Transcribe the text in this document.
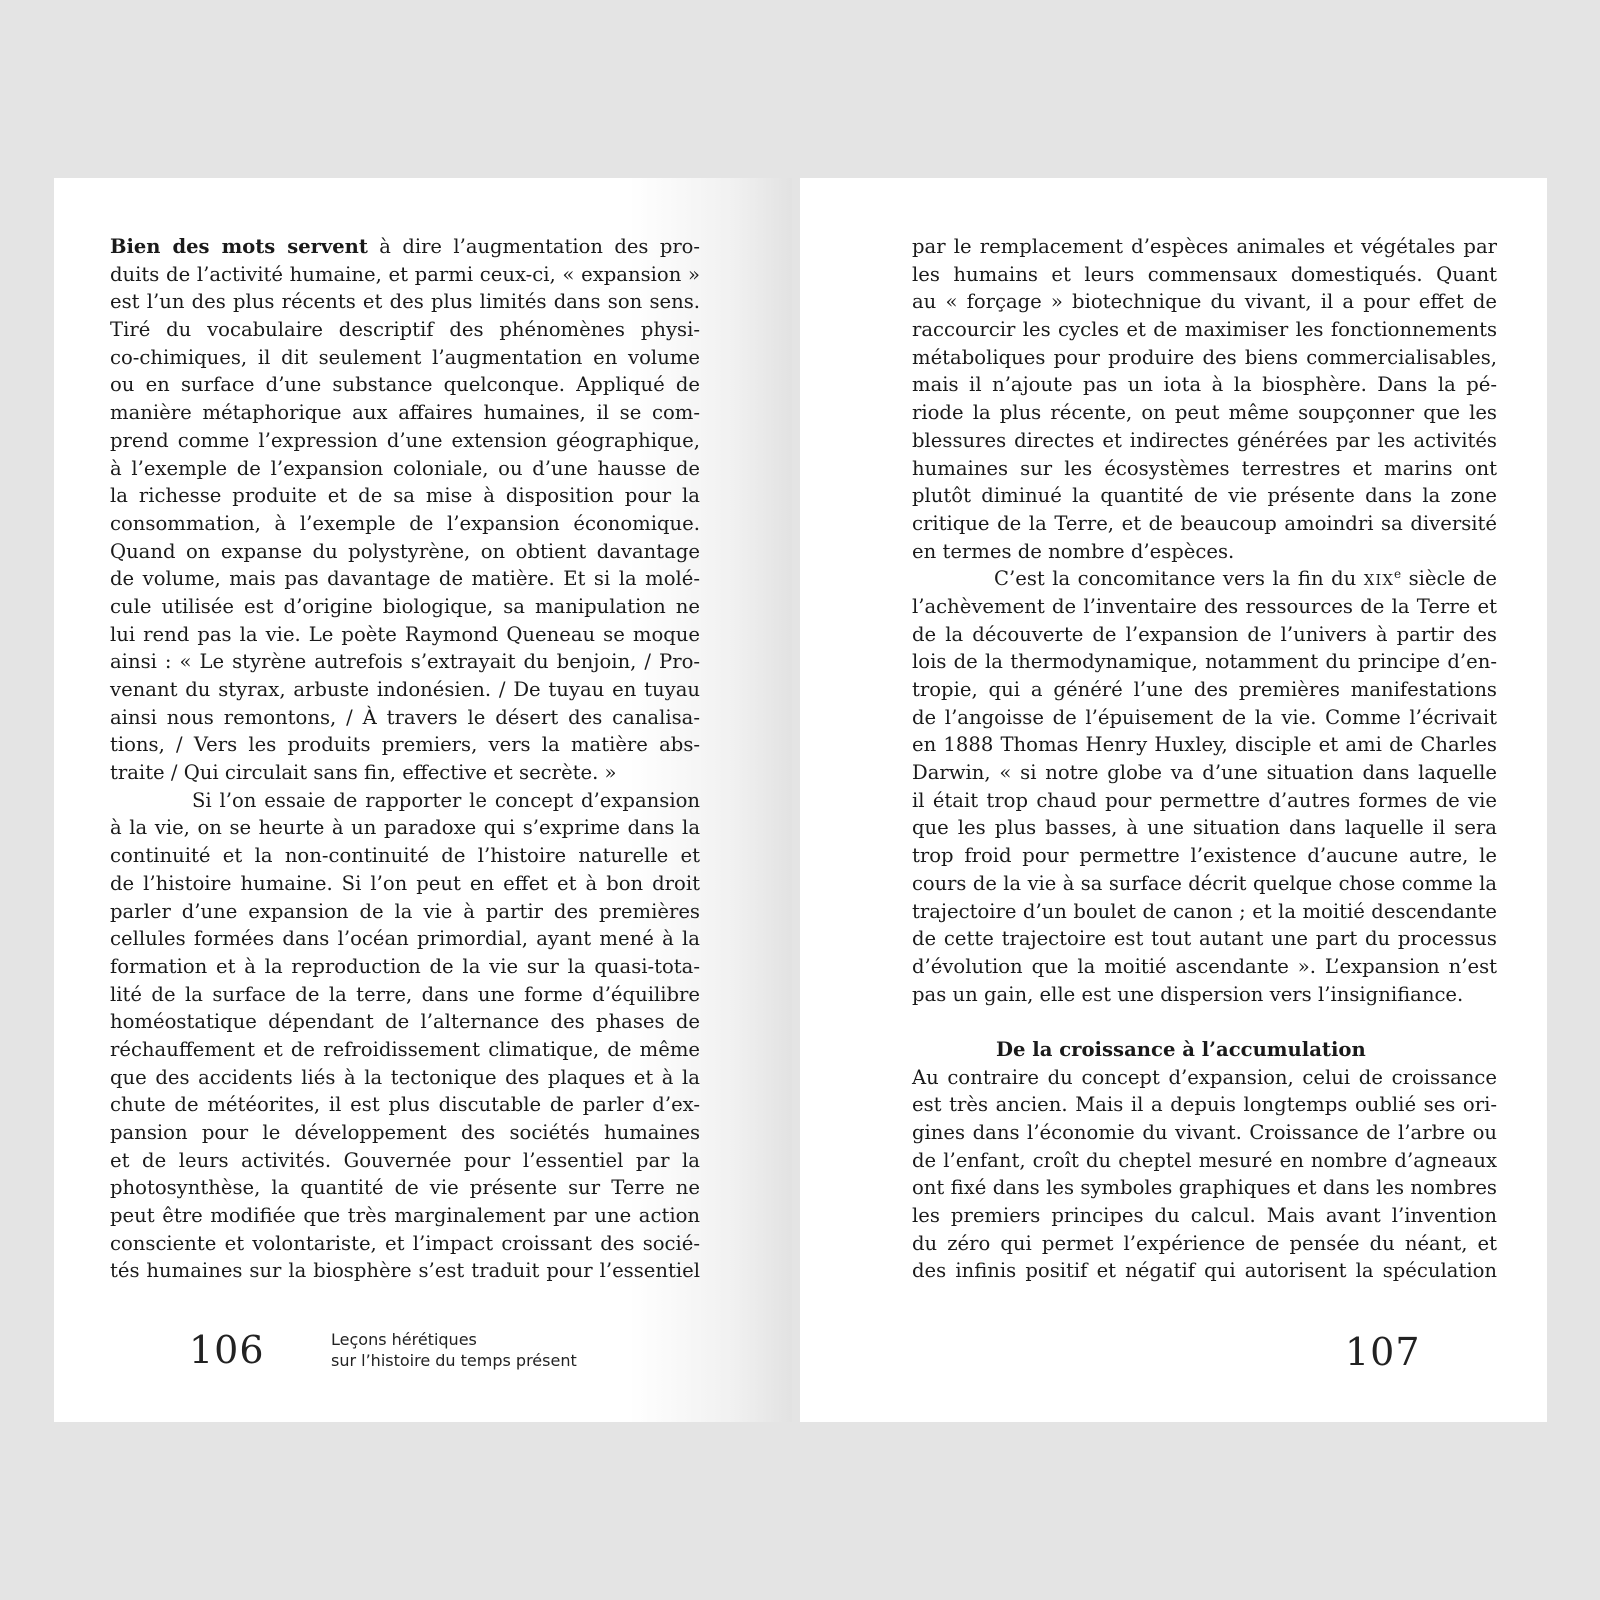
Bien des mots servent à dire l’augmentation des pro-
duits de l’activité humaine, et parmi ceux-ci, « expansion »
est l’un des plus récents et des plus limités dans son sens.
Tiré du vocabulaire descriptif des phénomènes physi-
co-chimiques, il dit seulement l’augmentation en volume
ou en surface d’une substance quelconque. Appliqué de
manière métaphorique aux affaires humaines, il se com-
prend comme l’expression d’une extension géographique,
à l’exemple de l’expansion coloniale, ou d’une hausse de
la richesse produite et de sa mise à disposition pour la
consommation, à l’exemple de l’expansion économique.
Quand on expanse du polystyrène, on obtient davantage
de volume, mais pas davantage de matière. Et si la molé-
cule utilisée est d’origine biologique, sa manipulation ne
lui rend pas la vie. Le poète Raymond Queneau se moque
ainsi : « Le styrène autrefois s’extrayait du benjoin, / Pro-
venant du styrax, arbuste indonésien. / De tuyau en tuyau
ainsi nous remontons, / À travers le désert des canalisa-
tions, / Vers les produits premiers, vers la matière abs-
traite / Qui circulait sans fin, effective et secrète. »
Si l’on essaie de rapporter le concept d’expansion
à la vie, on se heurte à un paradoxe qui s’exprime dans la
continuité et la non-continuité de l’histoire naturelle et
de l’histoire humaine. Si l’on peut en effet et à bon droit
parler d’une expansion de la vie à partir des premières
cellules formées dans l’océan primordial, ayant mené à la
formation et à la reproduction de la vie sur la quasi-tota-
lité de la surface de la terre, dans une forme d’équilibre
homéostatique dépendant de l’alternance des phases de
réchauffement et de refroidissement climatique, de même
que des accidents liés à la tectonique des plaques et à la
chute de météorites, il est plus discutable de parler d’ex-
pansion pour le développement des sociétés humaines
et de leurs activités. Gouvernée pour l’essentiel par la
photosynthèse, la quantité de vie présente sur Terre ne
peut être modifiée que très marginalement par une action
consciente et volontariste, et l’impact croissant des socié-
tés humaines sur la biosphère s’est traduit pour l’essentiel
106	Leçons hérétiques
sur l’histoire du temps présent
par le remplacement d’espèces animales et végétales par
les humains et leurs commensaux domestiqués. Quant
au « forçage » biotechnique du vivant, il a pour effet de
raccourcir les cycles et de maximiser les fonctionnements
métaboliques pour produire des biens commercialisables,
mais il n’ajoute pas un iota à la biosphère. Dans la pé-
riode la plus récente, on peut même soupçonner que les
blessures directes et indirectes générées par les activités
humaines sur les écosystèmes terrestres et marins ont
plutôt diminué la quantité de vie présente dans la zone
critique de la Terre, et de beaucoup amoindri sa diversité
en termes de nombre d’espèces.
C’est la concomitance vers la fin du XIXe siècle de
l’achèvement de l’inventaire des ressources de la Terre et
de la découverte de l’expansion de l’univers à partir des
lois de la thermodynamique, notamment du principe d’en-
tropie, qui a généré l’une des premières manifestations
de l’angoisse de l’épuisement de la vie. Comme l’écrivait
en 1888 Thomas Henry Huxley, disciple et ami de Charles
Darwin, « si notre globe va d’une situation dans laquelle
il était trop chaud pour permettre d’autres formes de vie
que les plus basses, à une situation dans laquelle il sera
trop froid pour permettre l’existence d’aucune autre, le
cours de la vie à sa surface décrit quelque chose comme la
trajectoire d’un boulet de canon ; et la moitié descendante
de cette trajectoire est tout autant une part du processus
d’évolution que la moitié ascendante ». L’expansion n’est
pas un gain, elle est une dispersion vers l’insignifiance.
De la croissance à l’accumulation
Au contraire du concept d’expansion, celui de croissance
est très ancien. Mais il a depuis longtemps oublié ses ori-
gines dans l’économie du vivant. Croissance de l’arbre ou
de l’enfant, croît du cheptel mesuré en nombre d’agneaux
ont fixé dans les symboles graphiques et dans les nombres
les premiers principes du calcul. Mais avant l’invention
du zéro qui permet l’expérience de pensée du néant, et
des infinis positif et négatif qui autorisent la spéculation
107
